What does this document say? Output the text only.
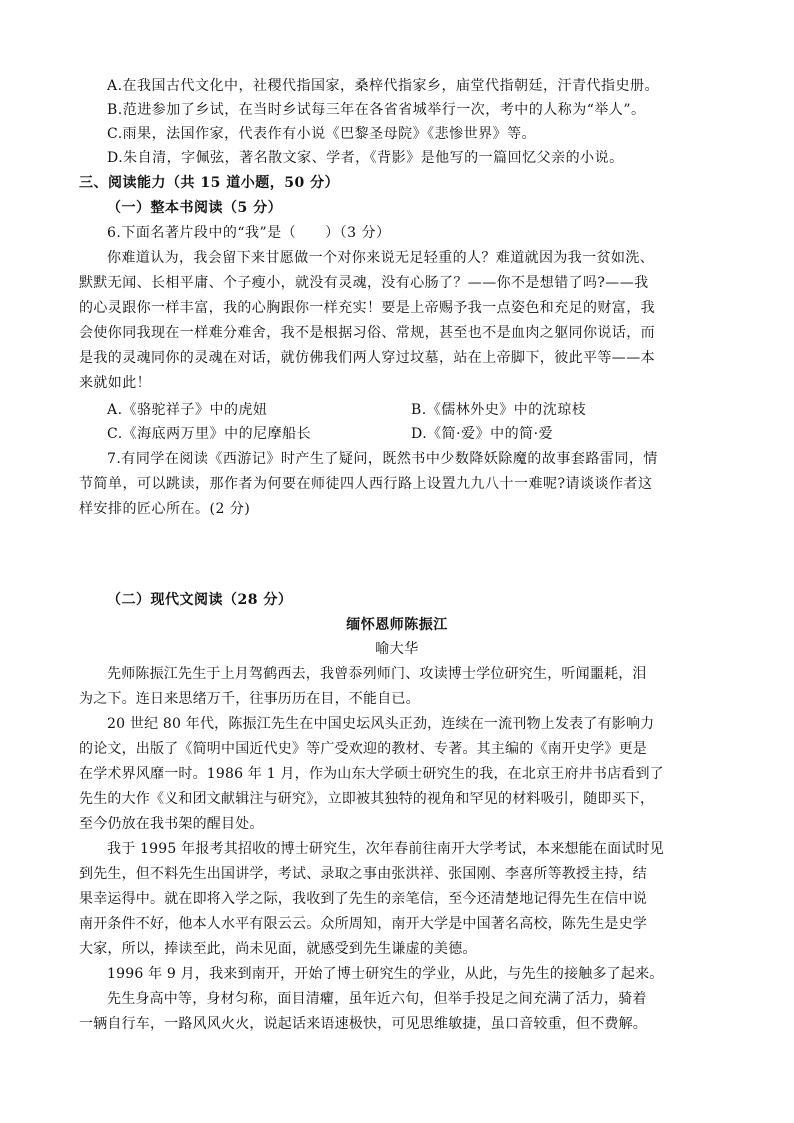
A.在我国古代文化中，社稷代指国家，桑梓代指家乡，庙堂代指朝廷，汗青代指史册。
B.范进参加了乡试，在当时乡试每三年在各省省城举行一次，考中的人称为“举人”。
C.雨果，法国作家，代表作有小说《巴黎圣母院》《悲惨世界》等。
D.朱自清，字佩弦，著名散文家、学者，《背影》是他写的一篇回忆父亲的小说。
三、阅读能力（共 15 道小题，50 分）
（一）整本书阅读（5 分）
6.下面名著片段中的“我”是（　　）（3 分）
你难道认为，我会留下来甘愿做一个对你来说无足轻重的人？难道就因为我一贫如洗、
默默无闻、长相平庸、个子瘦小，就没有灵魂，没有心肠了？——你不是想错了吗?——我
的心灵跟你一样丰富，我的心胸跟你一样充实！要是上帝赐予我一点姿色和充足的财富，我
会使你同我现在一样难分难舍，我不是根据习俗、常规，甚至也不是血肉之躯同你说话，而
是我的灵魂同你的灵魂在对话，就仿佛我们两人穿过坟墓，站在上帝脚下，彼此平等——本
来就如此！
A.《骆驼祥子》中的虎妞	B.《儒林外史》中的沈琼枝
C.《海底两万里》中的尼摩船长	D.《简·爱》中的简·爱
7.有同学在阅读《西游记》时产生了疑问，既然书中少数降妖除魔的故事套路雷同，情
节简单，可以跳读，那作者为何要在师徒四人西行路上设置九九八十一难呢?请谈谈作者这
样安排的匠心所在。(2 分)
（二）现代文阅读（28 分）
缅怀恩师陈振江
喻大华
先师陈振江先生于上月驾鹤西去，我曾忝列师门、攻读博士学位研究生，听闻噩耗，泪
为之下。连日来思绪万千，往事历历在目，不能自已。
20 世纪 80 年代，陈振江先生在中国史坛风头正劲，连续在一流刊物上发表了有影响力
的论文，出版了《简明中国近代史》等广受欢迎的教材、专著。其主编的《南开史学》更是
在学术界风靡一时。1986 年 1 月，作为山东大学硕士研究生的我，在北京王府井书店看到了
先生的大作《义和团文献辑注与研究》，立即被其独特的视角和罕见的材料吸引，随即买下，
至今仍放在我书架的醒目处。
我于 1995 年报考其招收的博士研究生，次年春前往南开大学考试，本来想能在面试时见
到先生，但不料先生出国讲学，考试、录取之事由张洪祥、张国刚、李喜所等教授主持，结
果幸运得中。就在即将入学之际，我收到了先生的亲笔信，至今还清楚地记得先生在信中说
南开条件不好，他本人水平有限云云。众所周知，南开大学是中国著名高校，陈先生是史学
大家，所以，捧读至此，尚未见面，就感受到先生谦虚的美德。
1996 年 9 月，我来到南开，开始了博士研究生的学业，从此，与先生的接触多了起来。
先生身高中等，身材匀称，面目清癯，虽年近六旬，但举手投足之间充满了活力，骑着
一辆自行车，一路风风火火，说起话来语速极快，可见思维敏捷，虽口音较重，但不费解。
